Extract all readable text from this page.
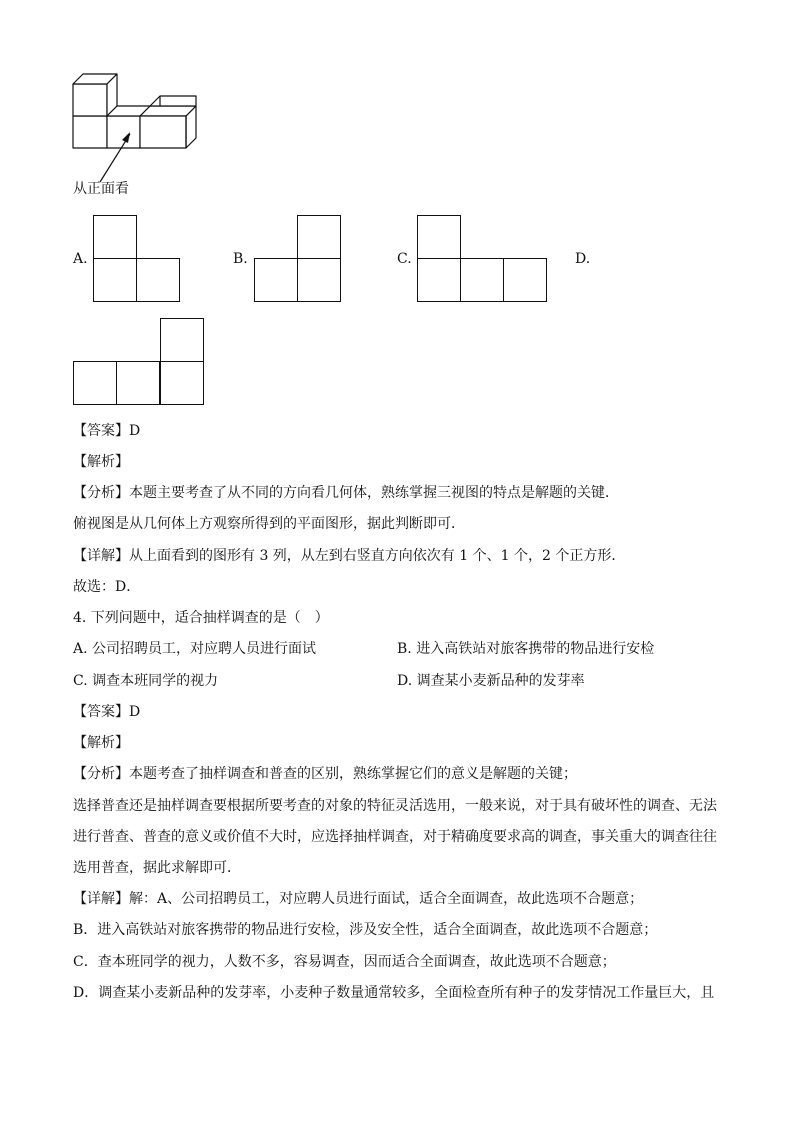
从正面看
A.	B.	C.	D.
【答案】D
【解析】
【分析】本题主要考查了从不同的方向看几何体，熟练掌握三视图的特点是解题的关键．
俯视图是从几何体上方观察所得到的平面图形，据此判断即可．
【详解】从上面看到的图形有 3 列，从左到右竖直方向依次有 1 个、1 个，2 个正方形．
故选：D．
4. 下列问题中，适合抽样调查的是（　）
A. 公司招聘员工，对应聘人员进行面试	B. 进入高铁站对旅客携带的物品进行安检
C. 调查本班同学的视力	D. 调查某小麦新品种的发芽率
【答案】D
【解析】
【分析】本题考查了抽样调查和普查的区别，熟练掌握它们的意义是解题的关键；
选择普查还是抽样调查要根据所要考查的对象的特征灵活选用，一般来说，对于具有破坏性的调查、无法
进行普查、普查的意义或价值不大时，应选择抽样调查，对于精确度要求高的调查，事关重大的调查往往
选用普查，据此求解即可．
【详解】解：A、公司招聘员工，对应聘人员进行面试，适合全面调查，故此选项不合题意；
B．进入高铁站对旅客携带的物品进行安检，涉及安全性，适合全面调查，故此选项不合题意；
C．查本班同学的视力，人数不多，容易调查，因而适合全面调查，故此选项不合题意；
D．调查某小麦新品种的发芽率，小麦种子数量通常较多，全面检查所有种子的发芽情况工作量巨大，且
